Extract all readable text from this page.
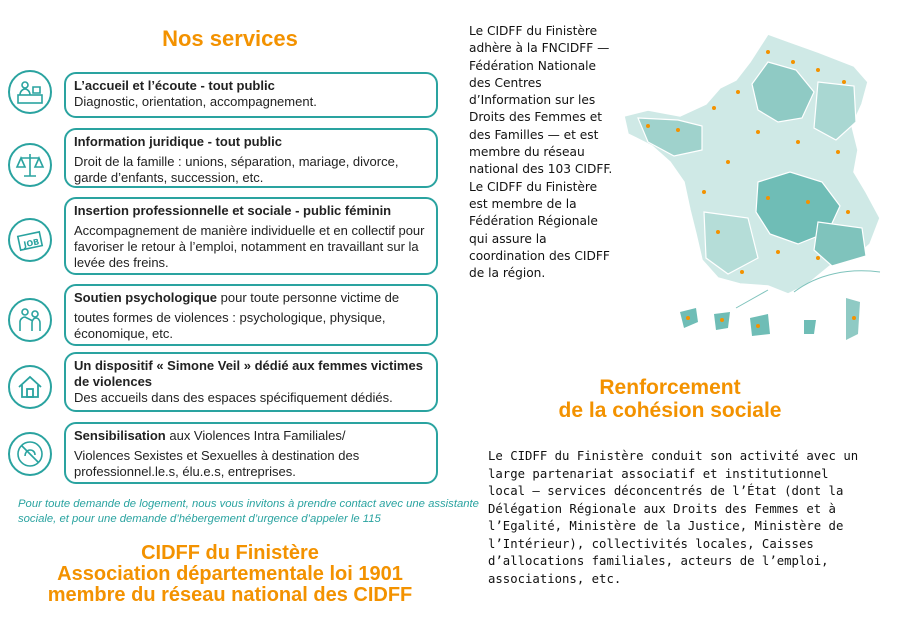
Nos services
L’accueil et l’écoute - tout public
Diagnostic, orientation, accompagnement.
Information juridique - tout public
Droit de la famille : unions, séparation, mariage, divorce, garde d’enfants, succession, etc.
JOB
Insertion professionnelle et sociale - public féminin
Accompagnement de manière individuelle et en collectif pour favoriser le retour à l’emploi, notamment en travaillant sur la levée des freins.
Soutien psychologique pour toute personne victime de
toutes formes de violences : psychologique, physique, économique, etc.
Un dispositif « Simone Veil » dédié aux femmes victimes de violences
Des accueils dans des espaces spécifiquement dédiés.
Sensibilisation aux Violences Intra Familiales/
Violences Sexistes et Sexuelles à destination des professionnel.le.s, élu.e.s, entreprises.
Pour toute demande de logement, nous vous invitons à prendre contact avec une assistante sociale, et pour une demande d’hébergement d’urgence d’appeler le 115
CIDFF du Finistère
Association départementale loi 1901
membre du réseau national des CIDFF
Le CIDFF du Finistère adhère à la FNCIDFF — Fédération Nationale des Centres d’Information sur les Droits des Femmes et des Familles — et est membre du réseau national des 103 CIDFF.
Le CIDFF du Finistère est membre de la Fédération Régionale qui assure la coordination des CIDFF de la région.
Renforcement
de la cohésion sociale
Le CIDFF du Finistère conduit son activité avec un large partenariat associatif et institutionnel local — services déconcentrés de l’État (dont la Délégation Régionale aux Droits des Femmes et à l’Egalité, Ministère de la Justice, Ministère de l’Intérieur), collectivités locales, Caisses d’allocations familiales, acteurs de l’emploi, associations, etc.
